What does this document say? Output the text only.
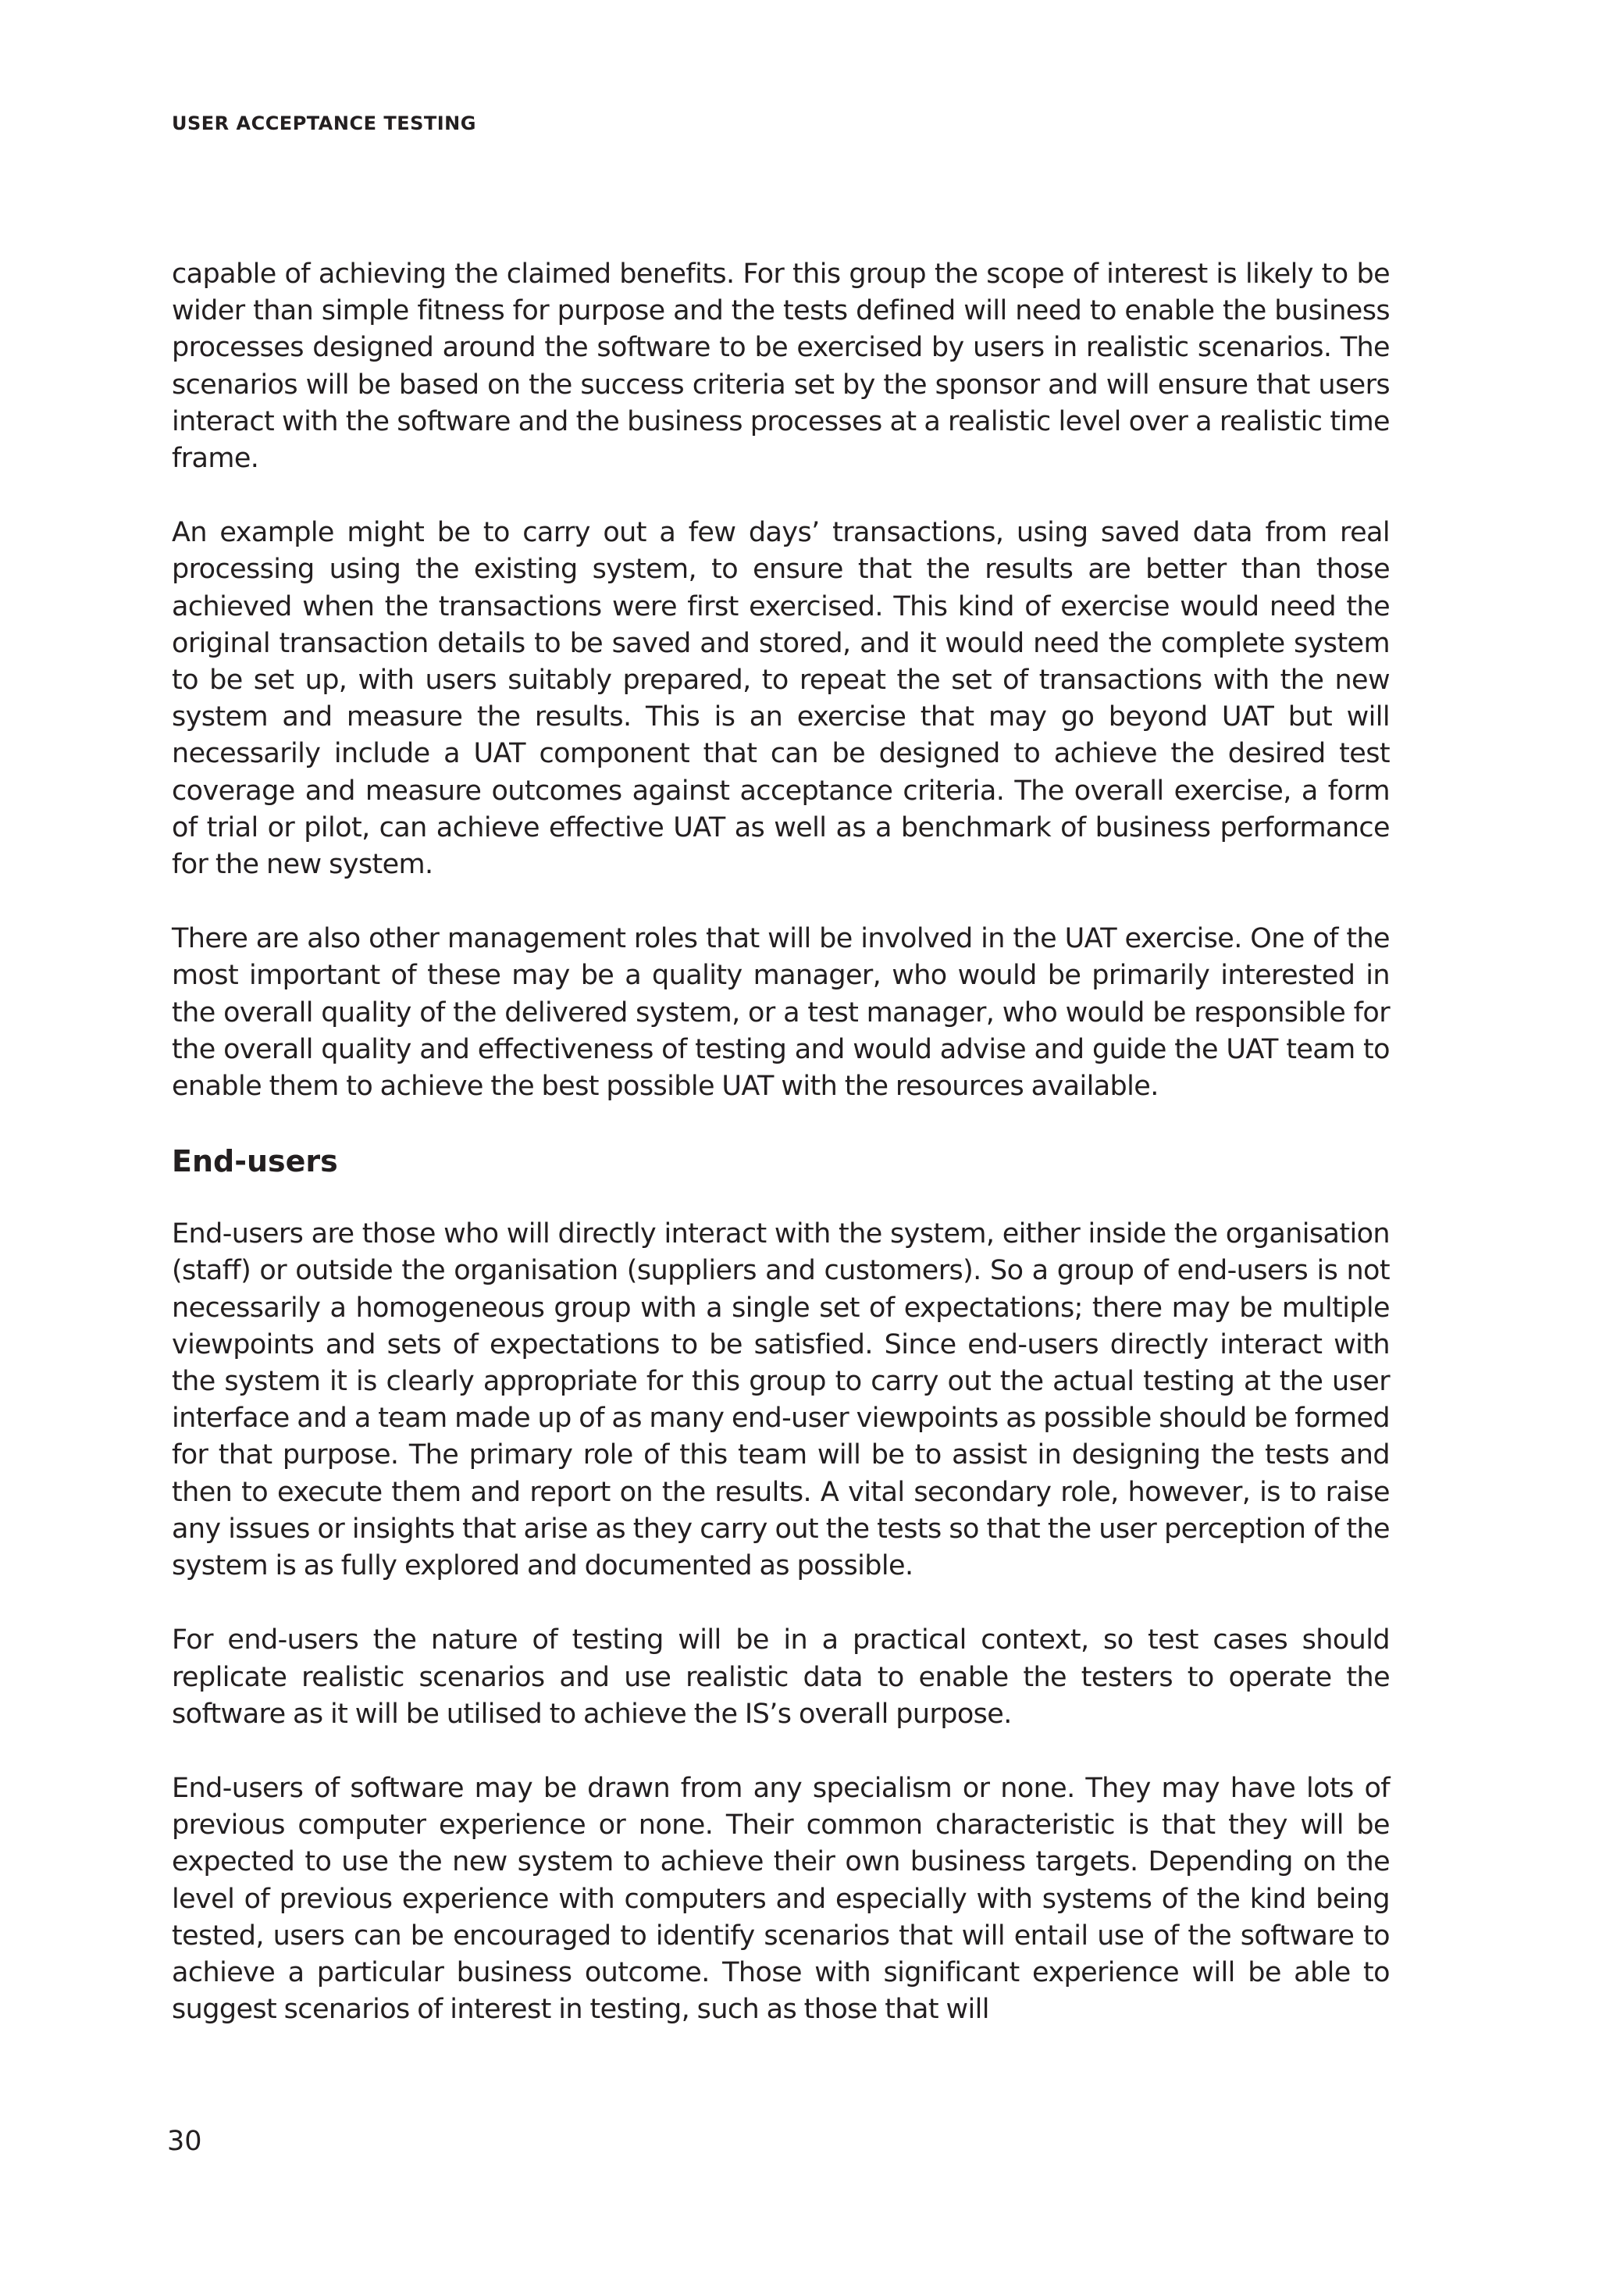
USER ACCEPTANCE TESTING

capable of achieving the claimed benefits. For this group the scope of interest is likely to be wider than simple fitness for purpose and the tests defined will need to enable the business processes designed around the software to be exercised by users in realistic scenarios. The scenarios will be based on the success criteria set by the sponsor and will ensure that users interact with the software and the business processes at a realistic level over a realistic time frame.

An example might be to carry out a few days’ transactions, using saved data from real processing using the existing system, to ensure that the results are better than those achieved when the transactions were first exercised. This kind of exercise would need the original transaction details to be saved and stored, and it would need the complete system to be set up, with users suitably prepared, to repeat the set of transactions with the new system and measure the results. This is an exercise that may go beyond UAT but will necessarily include a UAT component that can be designed to achieve the desired test coverage and measure outcomes against acceptance criteria. The overall exercise, a form of trial or pilot, can achieve effective UAT as well as a benchmark of business performance for the new system.

There are also other management roles that will be involved in the UAT exercise. One of the most important of these may be a quality manager, who would be primarily interested in the overall quality of the delivered system, or a test manager, who would be responsible for the overall quality and effectiveness of testing and would advise and guide the UAT team to enable them to achieve the best possible UAT with the resources available.

End-users

End-users are those who will directly interact with the system, either inside the organisation (staff) or outside the organisation (suppliers and customers). So a group of end-users is not necessarily a homogeneous group with a single set of expectations; there may be multiple viewpoints and sets of expectations to be satisfied. Since end-users directly interact with the system it is clearly appropriate for this group to carry out the actual testing at the user interface and a team made up of as many end-user viewpoints as possible should be formed for that purpose. The primary role of this team will be to assist in designing the tests and then to execute them and report on the results. A vital secondary role, however, is to raise any issues or insights that arise as they carry out the tests so that the user perception of the system is as fully explored and documented as possible.

For end-users the nature of testing will be in a practical context, so test cases should replicate realistic scenarios and use realistic data to enable the testers to operate the software as it will be utilised to achieve the IS’s overall purpose.

End-users of software may be drawn from any specialism or none. They may have lots of previous computer experience or none. Their common characteristic is that they will be expected to use the new system to achieve their own business targets. Depending on the level of previous experience with computers and especially with systems of the kind being tested, users can be encouraged to identify scenarios that will entail use of the software to achieve a particular business outcome. Those with significant experience will be able to suggest scenarios of interest in testing, such as those that will

30
